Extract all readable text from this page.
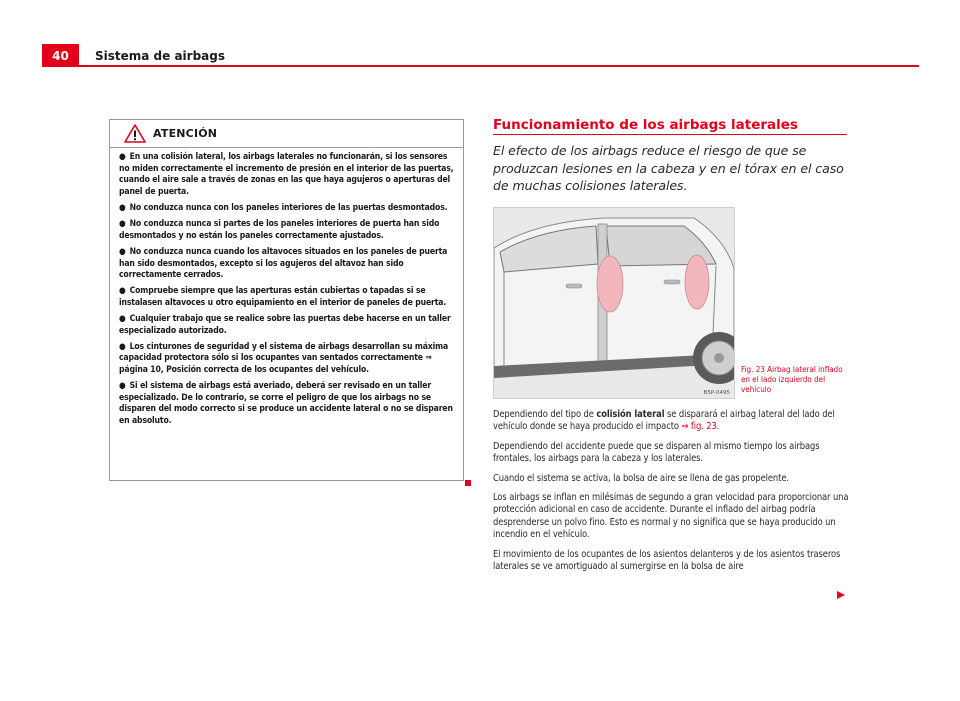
40	Sistema de airbags
ATENCIÓN
● En una colisión lateral, los airbags laterales no funcionarán, si los sensores no miden correctamente el incremento de presión en el interior de las puertas, cuando el aire sale a través de zonas en las que haya agujeros o aperturas del panel de puerta.
● No conduzca nunca con los paneles interiores de las puertas desmontados.
● No conduzca nunca si partes de los paneles interiores de puerta han sido desmontados y no están los paneles correctamente ajustados.
● No conduzca nunca cuando los altavoces situados en los paneles de puerta han sido desmontados, excepto si los agujeros del altavoz han sido correctamente cerrados.
● Compruebe siempre que las aperturas están cubiertas o tapadas si se instalasen altavoces u otro equipamiento en el interior de paneles de puerta.
● Cualquier trabajo que se realice sobre las puertas debe hacerse en un taller especializado autorizado.
● Los cinturones de seguridad y el sistema de airbags desarrollan su máxima capacidad protectora sólo si los ocupantes van sentados correctamente ⇒ página 10, Posición correcta de los ocupantes del vehículo.
● Si el sistema de airbags está averiado, deberá ser revisado en un taller especializado. De lo contrario, se corre el peligro de que los airbags no se disparen del modo correcto si se produce un accidente lateral o no se disparen en absoluto.
Funcionamiento de los airbags laterales
El efecto de los airbags reduce el riesgo de que se produzcan lesiones en la cabeza y en el tórax en el caso de muchas colisiones laterales.
B5P-0495
Fig. 23 Airbag lateral inflado en el lado izquierdo del vehículo

Dependiendo del tipo de colisión lateral se disparará el airbag lateral del lado del vehículo donde se haya producido el impacto ⇒ fig. 23.

Dependiendo del accidente puede que se disparen al mismo tiempo los airbags frontales, los airbags para la cabeza y los laterales.

Cuando el sistema se activa, la bolsa de aire se llena de gas propelente.

Los airbags se inflan en milésimas de segundo a gran velocidad para proporcionar una protección adicional en caso de accidente. Durante el inflado del airbag podría desprenderse un polvo fino. Esto es normal y no significa que se haya producido un incendio en el vehículo.

El movimiento de los ocupantes de los asientos delanteros y de los asientos traseros laterales se ve amortiguado al sumergirse en la bolsa de aire
